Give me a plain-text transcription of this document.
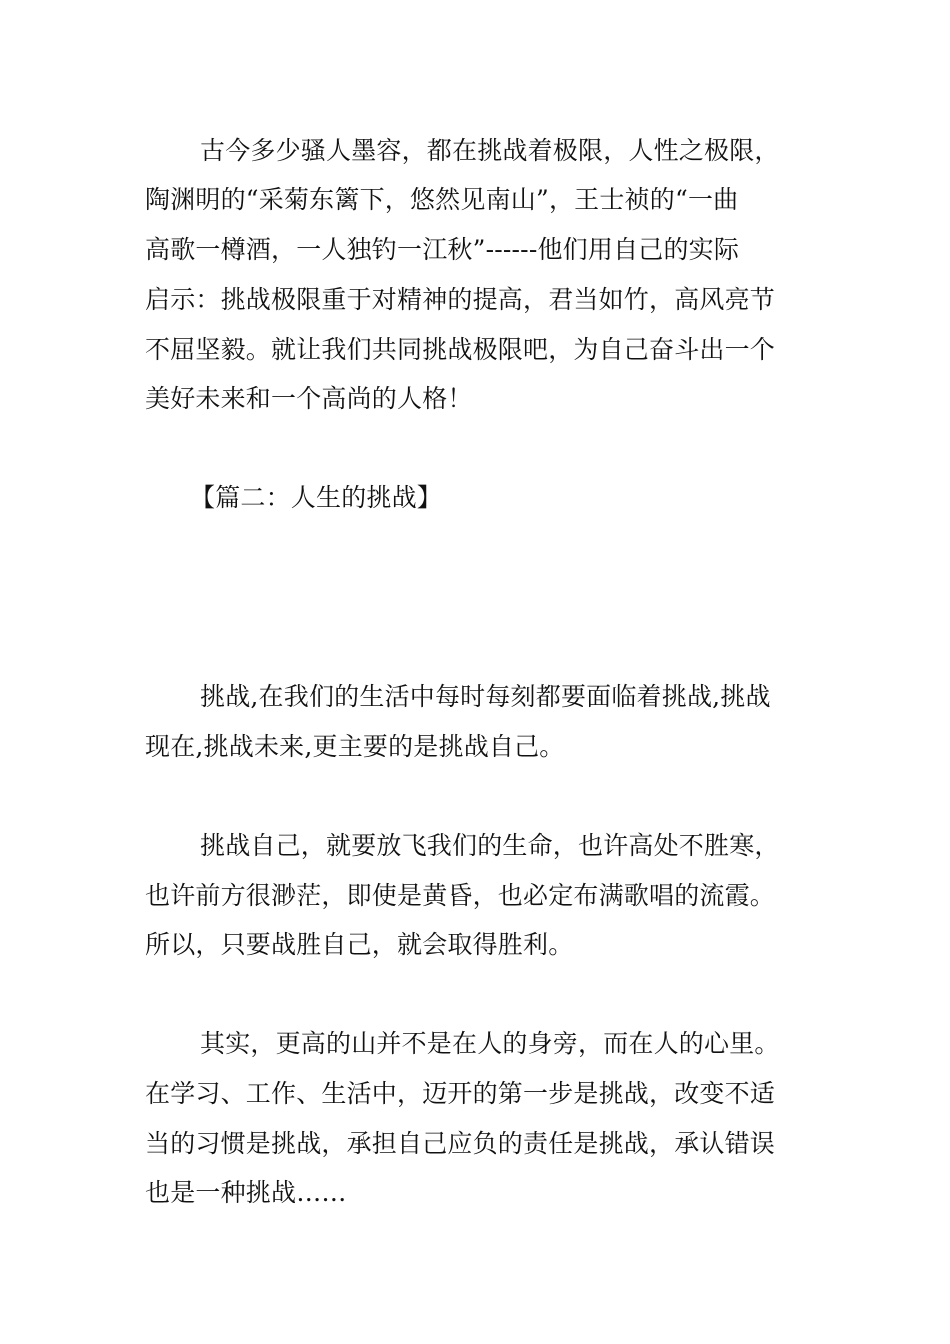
古今多少骚人墨容，都在挑战着极限，人性之极限，
陶渊明的“采菊东篱下，悠然见南山”，王士祯的“一曲
高歌一樽酒，一人独钓一江秋”------他们用自己的实际
启示：挑战极限重于对精神的提高，君当如竹，高风亮节
不屈坚毅。就让我们共同挑战极限吧，为自己奋斗出一个
美好未来和一个高尚的人格！
【篇二：人生的挑战】
挑战,在我们的生活中每时每刻都要面临着挑战,挑战
现在,挑战未来,更主要的是挑战自己。
挑战自己，就要放飞我们的生命，也许高处不胜寒，
也许前方很渺茫，即使是黄昏，也必定布满歌唱的流霞。
所以，只要战胜自己，就会取得胜利。
其实，更高的山并不是在人的身旁，而在人的心里。
在学习、工作、生活中，迈开的第一步是挑战，改变不适
当的习惯是挑战，承担自己应负的责任是挑战，承认错误
也是一种挑战……
